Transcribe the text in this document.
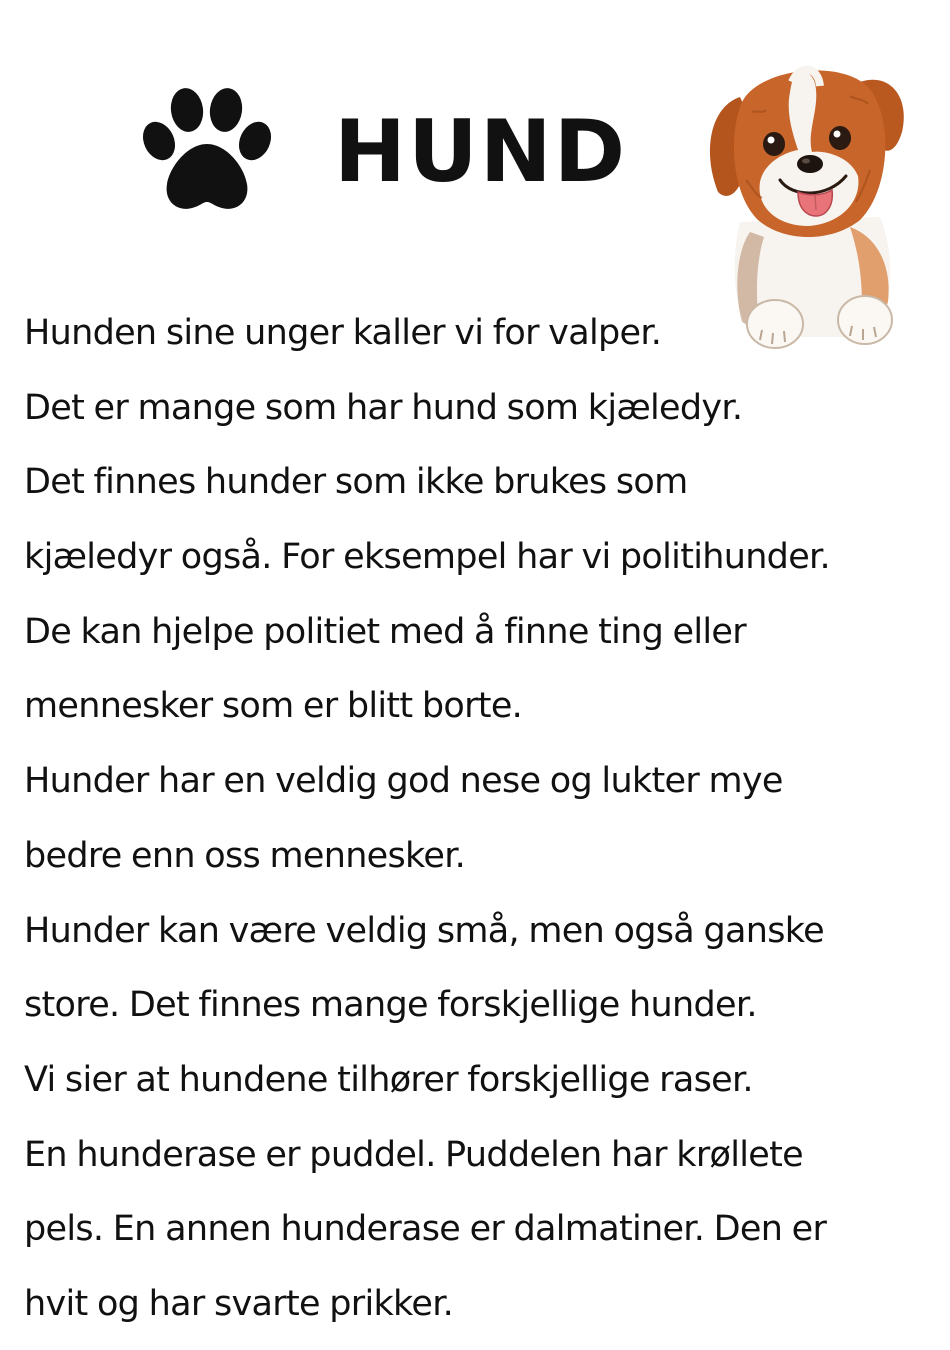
HUND
Hunden sine unger kaller vi for valper.
Det er mange som har hund som kjæledyr.
Det finnes hunder som ikke brukes som
kjæledyr også. For eksempel har vi politihunder.
De kan hjelpe politiet med å finne ting eller
mennesker som er blitt borte.
Hunder har en veldig god nese og lukter mye
bedre enn oss mennesker.
Hunder kan være veldig små, men også ganske
store. Det finnes mange forskjellige hunder.
Vi sier at hundene tilhører forskjellige raser.
En hunderase er puddel. Puddelen har krøllete
pels. En annen hunderase er dalmatiner. Den er
hvit og har svarte prikker.
